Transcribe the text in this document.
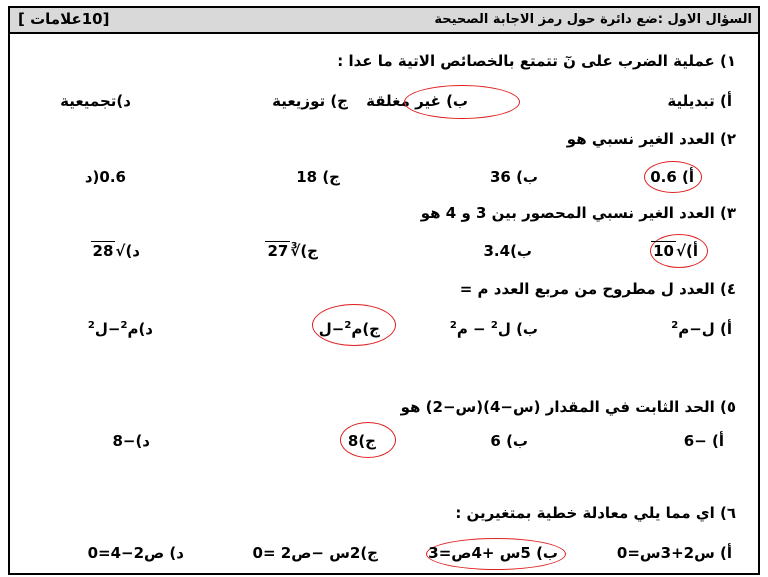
السؤال الاول :ضع دائرة حول رمز الاجابة الصحيحة
[10علامات ]
١) عملية الضرب على نٓ تتمتع بالخصائص الاتية ما عدا :
أ) تبديلية
ب) غير مغلقة
ج) توزيعية
د)تجميعية
٢) العدد الغير نسبي هو
أ) 0.6
ب) 36
ج) 18
0.6(د
٣) العدد الغير نسبي المحصور بين 3 و 4 هو
أ)√10
ب)3.4
ج)∛27
د)√28
٤) العدد ل مطروح من مربع العدد م =
أ) ل−م$^2$
ب) ل$^2$ − م$^2$
ج)م$^2$−ل
د)م$^2$−ل$^2$
٥) الحد الثابت في المقدار (س−4)(س−2) هو
أ) −6
ب) 6
ج)8
د)−8
٦) اي مما يلي معادلة خطية بمتغيرين :
أ) س2+3س=0
ب) 5س +4ص=3
ج)2س −ص2 =0
د) ص2−4=0
